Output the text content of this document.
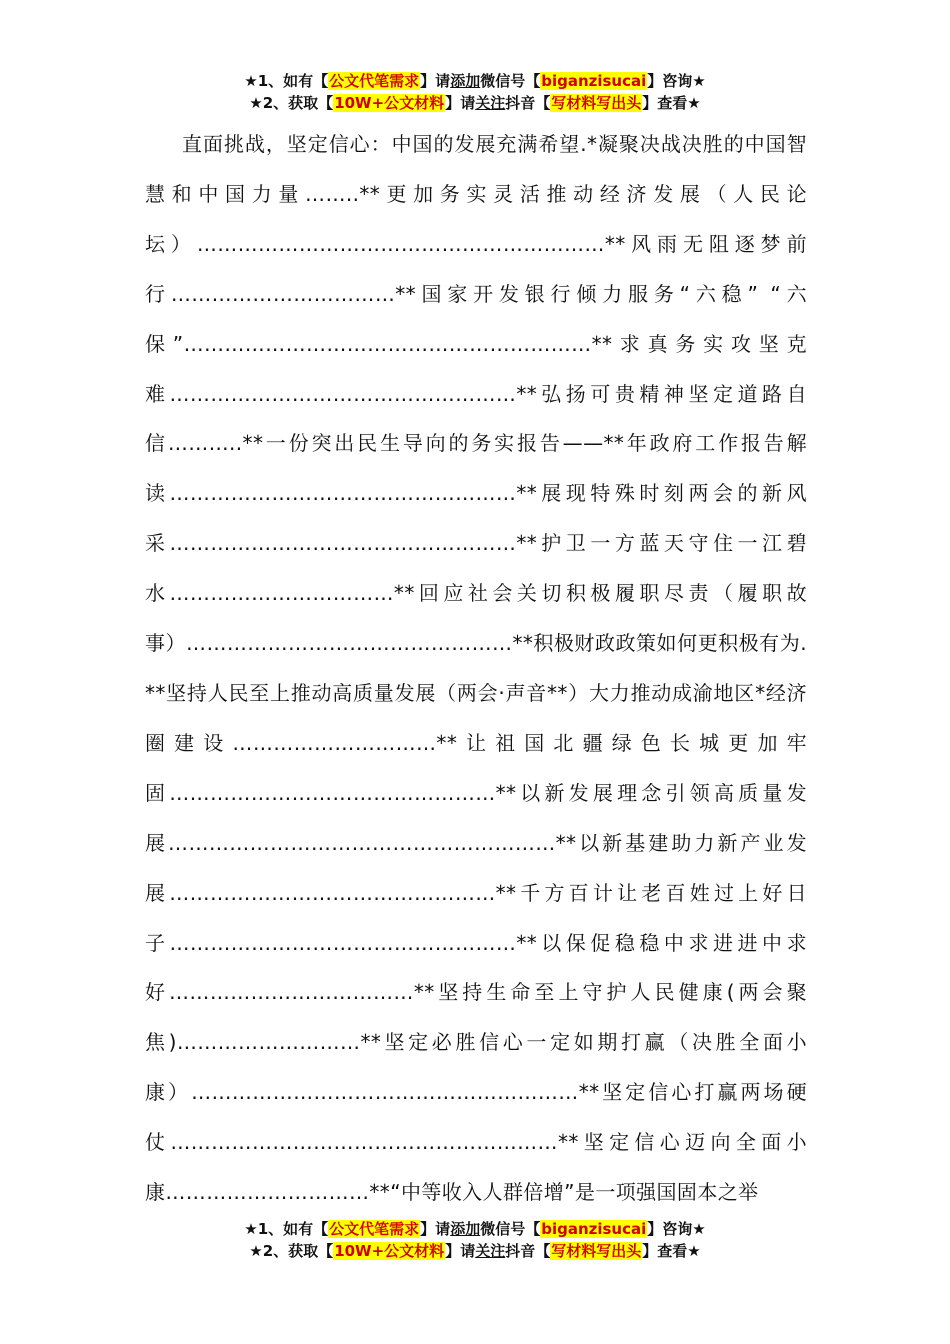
★1、如有【公文代笔需求】请添加微信号【biganzisucai】咨询★
★2、获取【10W+公文材料】请关注抖音【写材料写出头】查看★

直面挑战，坚定信心：中国的发展充满希望.*凝聚决战决胜的中国智慧和中国力量……..**更加务实灵活推动经济发展（人民论坛）……………………………………………………**风雨无阻逐梦前行……………………………**国家开发银行倾力服务“六稳” “六保”……………………………………………………**求真务实攻坚克难……………………………………………**弘扬可贵精神坚定道路自信………..**一份突出民生导向的务实报告——**年政府工作报告解读……………………………………………**展现特殊时刻两会的新风采……………………………………………**护卫一方蓝天守住一江碧水……………………………**回应社会关切积极履职尽责（履职故事）…………………………………………**积极财政政策如何更积极有为.**坚持人民至上推动高质量发展（两会·声音**）大力推动成渝地区*经济圈建设…………………………**让祖国北疆绿色长城更加牢固…………………………………………**以新发展理念引领高质量发展…………………………………………………**以新基建助力新产业发展…………………………………………**千方百计让老百姓过上好日子……………………………………………**以保促稳稳中求进进中求好………………………………**坚持生命至上守护人民健康(两会聚焦)………………………**坚定必胜信心一定如期打赢（决胜全面小康）…………………………………………………**坚定信心打赢两场硬仗…………………………………………………**坚定信心迈向全面小康…………………………**“中等收入人群倍增”是一项强国固本之举

★1、如有【公文代笔需求】请添加微信号【biganzisucai】咨询★
★2、获取【10W+公文材料】请关注抖音【写材料写出头】查看★
